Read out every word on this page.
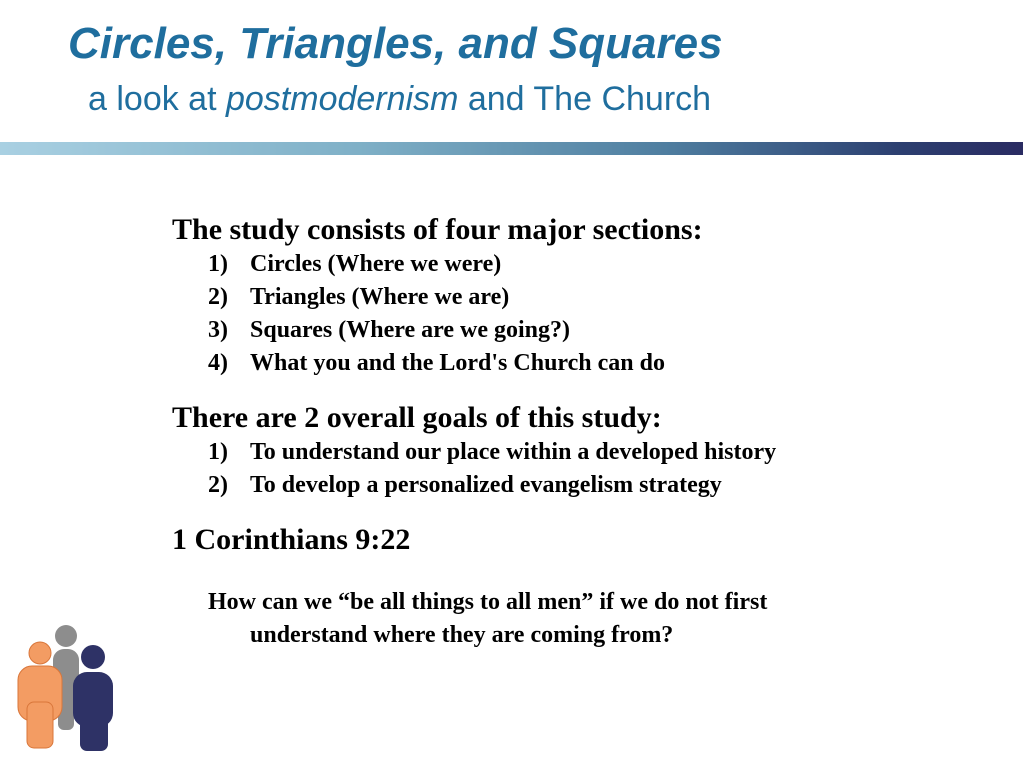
Circles, Triangles, and Squares
a look at postmodernism and The Church
The study consists of four major sections:
1) Circles (Where we were)
2) Triangles (Where we are)
3) Squares (Where are we going?)
4) What you and the Lord's Church can do
There are 2 overall goals of this study:
1) To understand our place within a developed history
2) To develop a personalized evangelism strategy
1 Corinthians 9:22
How can we “be all things to all men” if we do not first
understand where they are coming from?
